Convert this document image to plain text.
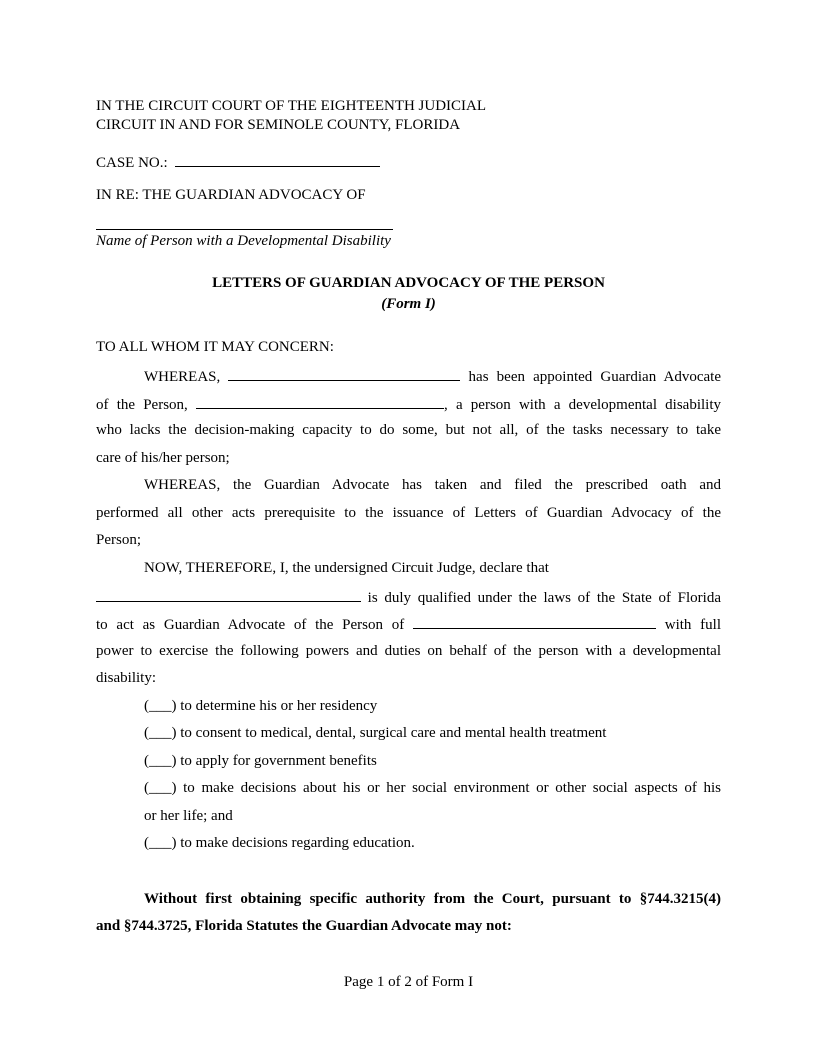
IN THE CIRCUIT COURT OF THE EIGHTEENTH JUDICIAL
CIRCUIT IN AND FOR SEMINOLE COUNTY, FLORIDA
CASE NO.:
IN RE: THE GUARDIAN ADVOCACY OF
Name of Person with a Developmental Disability
LETTERS OF GUARDIAN ADVOCACY OF THE PERSON
(Form I)
TO ALL WHOM IT MAY CONCERN:
WHEREAS,	has been appointed Guardian Advocate
of the Person,	, a person with a developmental disability
who lacks the decision-making capacity to do some, but not all, of the tasks necessary to take
care of his/her person;
WHEREAS, the Guardian Advocate has taken and filed the prescribed oath and
performed all other acts prerequisite to the issuance of Letters of Guardian Advocacy of the
Person;
NOW, THEREFORE, I, the undersigned Circuit Judge, declare that
is duly qualified under the laws of the State of Florida
to act as Guardian Advocate of the Person of	with full
power to exercise the following powers and duties on behalf of the person with a developmental
disability:
(___) to determine his or her residency
(___) to consent to medical, dental, surgical care and mental health treatment
(___) to apply for government benefits
(___) to make decisions about his or her social environment or other social aspects of his
or her life; and
(___) to make decisions regarding education.
Without first obtaining specific authority from the Court, pursuant to §744.3215(4)
and §744.3725, Florida Statutes the Guardian Advocate may not:
Page 1 of 2 of Form I
